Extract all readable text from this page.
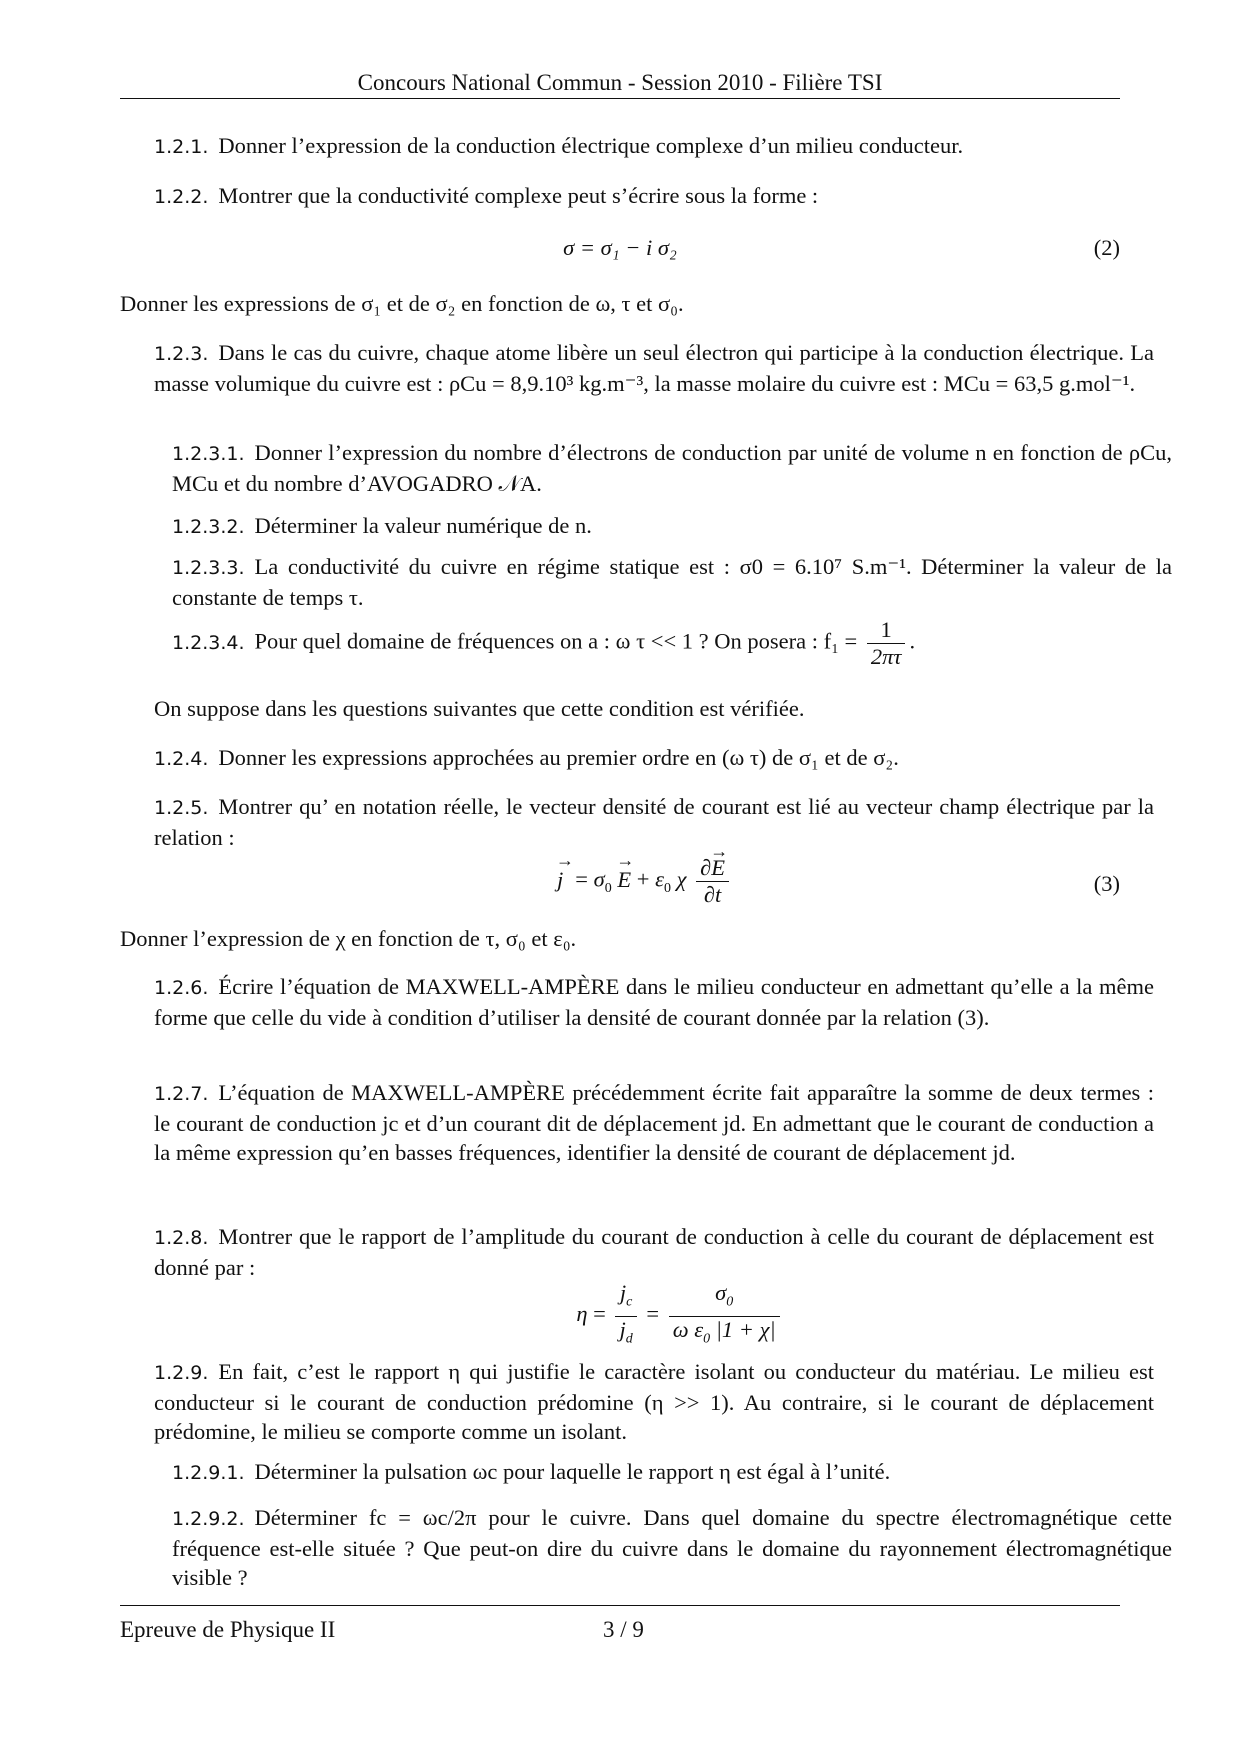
Concours National Commun - Session 2010 - Filière TSI
1.2.1. Donner l’expression de la conduction électrique complexe d’un milieu conducteur.
1.2.2. Montrer que la conductivité complexe peut s’écrire sous la forme :
σ = σ₁ − i σ₂	(2)
Donner les expressions de σ₁ et de σ₂ en fonction de ω, τ et σ₀.
1.2.3. Dans le cas du cuivre, chaque atome libère un seul électron qui participe à la conduction électrique. La masse volumique du cuivre est : ρCu = 8,9.10³ kg.m⁻³, la masse molaire du cuivre est : MCu = 63,5 g.mol⁻¹.
1.2.3.1. Donner l’expression du nombre d’électrons de conduction par unité de volume n en fonction de ρCu, MCu et du nombre d’AVOGADRO 𝒩A.
1.2.3.2. Déterminer la valeur numérique de n.
1.2.3.3. La conductivité du cuivre en régime statique est : σ0 = 6.10⁷ S.m⁻¹. Déterminer la valeur de la constante de temps τ.
1.2.3.4. Pour quel domaine de fréquences on a : ω τ << 1 ? On posera : $f_1 = \frac{1}{2\pi\tau}$ .
On suppose dans les questions suivantes que cette condition est vérifiée.
1.2.4. Donner les expressions approchées au premier ordre en (ω τ) de σ₁ et de σ₂.
1.2.5. Montrer qu’ en notation réelle, le vecteur densité de courant est lié au vecteur champ électrique par la relation :
→ $j = \sigma_0 \to E + \varepsilon_0$ χ $\frac{\partial\to E}{\partial t}$	(3)
Donner l’expression de χ en fonction de τ, σ₀ et ε₀.
1.2.6. Écrire l’équation de MAXWELL-AMPÈRE dans le milieu conducteur en admettant qu’elle a la même forme que celle du vide à condition d’utiliser la densité de courant donnée par la relation (3).
1.2.7. L’équation de MAXWELL-AMPÈRE précédemment écrite fait apparaître la somme de deux termes : le courant de conduction jc et d’un courant dit de déplacement jd. En admettant que le courant de conduction a la même expression qu’en basses fréquences, identifier la densité de courant de déplacement jd.
1.2.8. Montrer que le rapport de l’amplitude du courant de conduction à celle du courant de déplacement est donné par :
$\eta = \frac{j_c}{j_d} = \frac{\sigma_0}{\omega \varepsilon_0 |1 + \chi|}$
1.2.9. En fait, c’est le rapport η qui justifie le caractère isolant ou conducteur du matériau. Le milieu est conducteur si le courant de conduction prédomine (η >> 1). Au contraire, si le courant de déplacement prédomine, le milieu se comporte comme un isolant.
1.2.9.1. Déterminer la pulsation ωc pour laquelle le rapport η est égal à l’unité.
1.2.9.2. Déterminer fc = ωc/2π pour le cuivre. Dans quel domaine du spectre électromagnétique cette fréquence est-elle située ? Que peut-on dire du cuivre dans le domaine du rayonnement électromagnétique visible ?
Epreuve de Physique II	3 / 9
